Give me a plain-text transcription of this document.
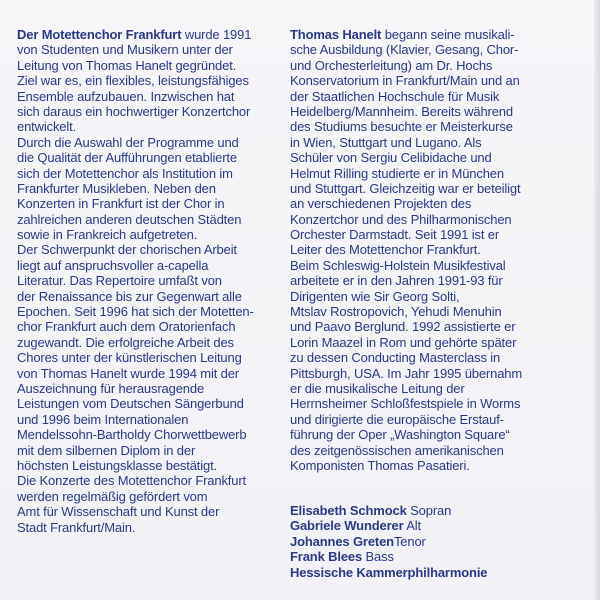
Der Motettenchor Frankfurt wurde 1991
von Studenten und Musikern unter der
Leitung von Thomas Hanelt gegründet.
Ziel war es, ein flexibles, leistungsfähiges
Ensemble aufzubauen. Inzwischen hat
sich daraus ein hochwertiger Konzertchor
entwickelt.
Durch die Auswahl der Programme und
die Qualität der Aufführungen etablierte
sich der Motettenchor als Institution im
Frankfurter Musikleben. Neben den
Konzerten in Frankfurt ist der Chor in
zahlreichen anderen deutschen Städten
sowie in Frankreich aufgetreten.
Der Schwerpunkt der chorischen Arbeit
liegt auf anspruchsvoller a-capella
Literatur. Das Repertoire umfaßt von
der Renaissance bis zur Gegenwart alle
Epochen. Seit 1996 hat sich der Motetten-
chor Frankfurt auch dem Oratorienfach
zugewandt. Die erfolgreiche Arbeit des
Chores unter der künstlerischen Leitung
von Thomas Hanelt wurde 1994 mit der
Auszeichnung für herausragende
Leistungen vom Deutschen Sängerbund
und 1996 beim Internationalen
Mendelssohn-Bartholdy Chorwettbewerb
mit dem silbernen Diplom in der
höchsten Leistungsklasse bestätigt.
Die Konzerte des Motettenchor Frankfurt
werden regelmäßig gefördert vom
Amt für Wissenschaft und Kunst der
Stadt Frankfurt/Main.
Thomas Hanelt begann seine musikali-
sche Ausbildung (Klavier, Gesang, Chor-
und Orchesterleitung) am Dr. Hochs
Konservatorium in Frankfurt/Main und an
der Staatlichen Hochschule für Musik
Heidelberg/Mannheim. Bereits während
des Studiums besuchte er Meisterkurse
in Wien, Stuttgart und Lugano. Als
Schüler von Sergiu Celibidache und
Helmut Rilling studierte er in München
und Stuttgart. Gleichzeitig war er beteiligt
an verschiedenen Projekten des
Konzertchor und des Philharmonischen
Orchester Darmstadt. Seit 1991 ist er
Leiter des Motettenchor Frankfurt.
Beim Schleswig-Holstein Musikfestival
arbeitete er in den Jahren 1991-93 für
Dirigenten wie Sir Georg Solti,
Mtslav Rostropovich, Yehudi Menuhin
und Paavo Berglund. 1992 assistierte er
Lorin Maazel in Rom und gehörte später
zu dessen Conducting Masterclass in
Pittsburgh, USA. Im Jahr 1995 übernahm
er die musikalische Leitung der
Herrnsheimer Schloßfestspiele in Worms
und dirigierte die europäische Erstauf-
führung der Oper „Washington Square“
des zeitgenössischen amerikanischen
Komponisten Thomas Pasatieri.
Elisabeth Schmock Sopran
Gabriele Wunderer Alt
Johannes GretenTenor
Frank Blees Bass
Hessische Kammerphilharmonie
